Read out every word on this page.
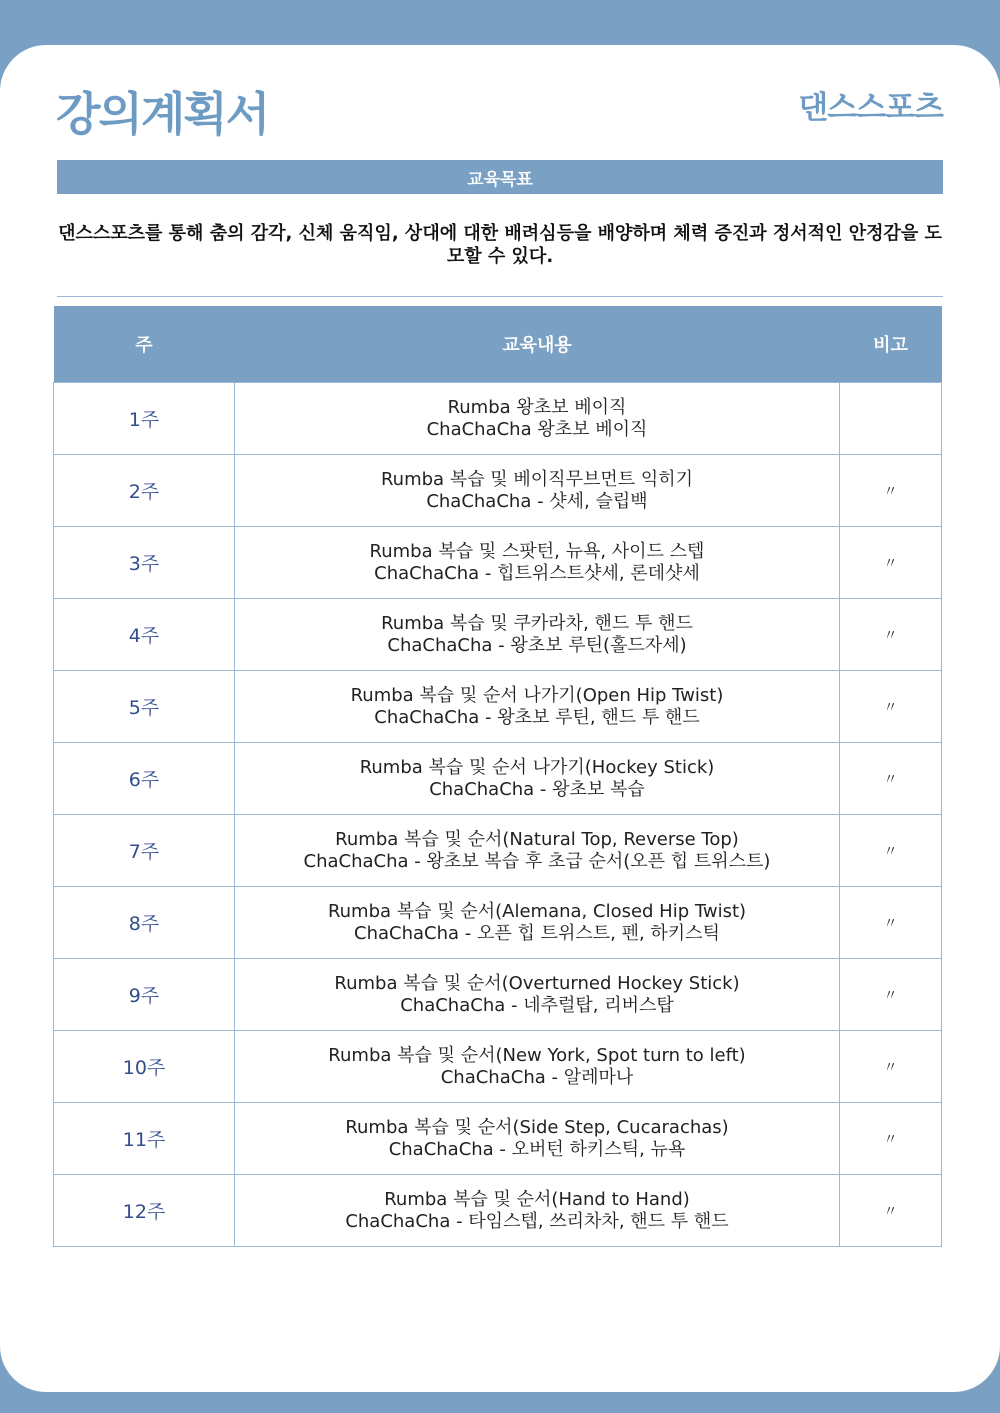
강의계획서	댄스스포츠
교육목표
댄스스포츠를 통해 춤의 감각, 신체 움직임, 상대에 대한 배려심등을 배양하며 체력 증진과 정서적인 안정감을 도모할 수 있다.
주	교육내용	비고
1주	Rumba 왕초보 베이직
ChaChaCha 왕초보 베이직	

2주	Rumba 복습 및 베이직무브먼트 익히기
ChaChaCha - 샷세, 슬립백	〃
3주	Rumba 복습 및 스팟턴, 뉴욕, 사이드 스텝
ChaChaCha - 힙트위스트샷세, 론데샷세	〃
4주	Rumba 복습 및 쿠카라차, 핸드 투 핸드
ChaChaCha - 왕초보 루틴(홀드자세)	〃
5주	Rumba 복습 및 순서 나가기(Open Hip Twist)
ChaChaCha - 왕초보 루틴, 핸드 투 핸드	〃
6주	Rumba 복습 및 순서 나가기(Hockey Stick)
ChaChaCha - 왕초보 복습	〃
7주	Rumba 복습 및 순서(Natural Top, Reverse Top)
ChaChaCha - 왕초보 복습 후 초급 순서(오픈 힙 트위스트)	〃
8주	Rumba 복습 및 순서(Alemana, Closed Hip Twist)
ChaChaCha - 오픈 힙 트위스트, 펜, 하키스틱	〃
9주	Rumba 복습 및 순서(Overturned Hockey Stick)
ChaChaCha - 네추럴탑, 리버스탑	〃
10주	Rumba 복습 및 순서(New York, Spot turn to left)
ChaChaCha - 알레마나	〃
11주	Rumba 복습 및 순서(Side Step, Cucarachas)
ChaChaCha - 오버턴 하키스틱, 뉴욕	〃
12주	Rumba 복습 및 순서(Hand to Hand)
ChaChaCha - 타임스텝, 쓰리차차, 핸드 투 핸드	〃
